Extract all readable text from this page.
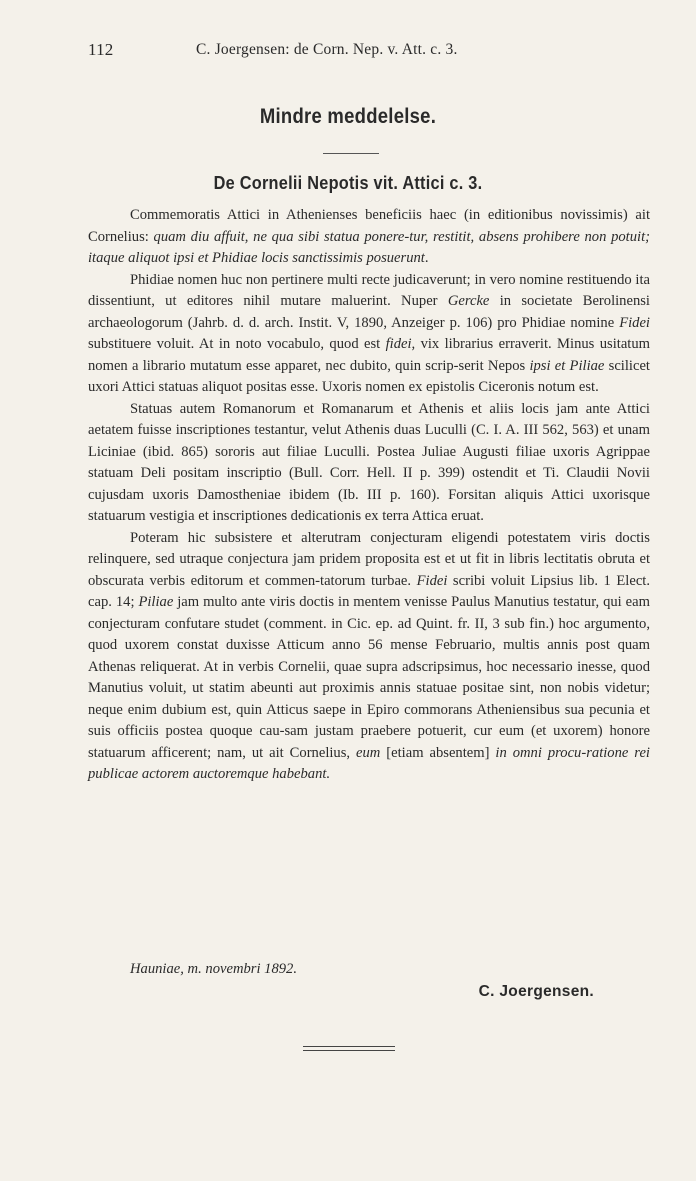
112	C. Joergensen: de Corn. Nep. v. Att. c. 3.
Mindre meddelelse.
De Cornelii Nepotis vit. Attici c. 3.

Commemoratis Attici in Athenienses beneficiis haec (in editionibus novissimis) ait Cornelius: quam diu affuit, ne qua sibi statua ponere-tur, restitit, absens prohibere non potuit; itaque aliquot ipsi et Phidiae locis sanctissimis posuerunt.

Phidiae nomen huc non pertinere multi recte judicaverunt; in vero nomine restituendo ita dissentiunt, ut editores nihil mutare maluerint. Nuper Gercke in societate Berolinensi archaeologorum (Jahrb. d. d. arch. Instit. V, 1890, Anzeiger p. 106) pro Phidiae nomine Fidei substituere voluit. At in noto vocabulo, quod est fidei, vix librarius erraverit. Minus usitatum nomen a librario mutatum esse apparet, nec dubito, quin scrip-serit Nepos ipsi et Piliae scilicet uxori Attici statuas aliquot positas esse. Uxoris nomen ex epistolis Ciceronis notum est.

Statuas autem Romanorum et Romanarum et Athenis et aliis locis jam ante Attici aetatem fuisse inscriptiones testantur, velut Athenis duas Luculli (C. I. A. III 562, 563) et unam Liciniae (ibid. 865) sororis aut filiae Luculli. Postea Juliae Augusti filiae uxoris Agrippae statuam Deli positam inscriptio (Bull. Corr. Hell. II p. 399) ostendit et Ti. Claudii Novii cujusdam uxoris Damostheniae ibidem (Ib. III p. 160). Forsitan aliquis Attici uxorisque statuarum vestigia et inscriptiones dedicationis ex terra Attica eruat.

Poteram hic subsistere et alterutram conjecturam eligendi potestatem viris doctis relinquere, sed utraque conjectura jam pridem proposita est et ut fit in libris lectitatis obruta et obscurata verbis editorum et commen-tatorum turbae. Fidei scribi voluit Lipsius lib. 1 Elect. cap. 14; Piliae jam multo ante viris doctis in mentem venisse Paulus Manutius testatur, qui eam conjecturam confutare studet (comment. in Cic. ep. ad Quint. fr. II, 3 sub fin.) hoc argumento, quod uxorem constat duxisse Atticum anno 56 mense Februario, multis annis post quam Athenas reliquerat. At in verbis Cornelii, quae supra adscripsimus, hoc necessario inesse, quod Manutius voluit, ut statim abeunti aut proximis annis statuae positae sint, non nobis videtur; neque enim dubium est, quin Atticus saepe in Epiro commorans Atheniensibus sua pecunia et suis officiis postea quoque cau-sam justam praebere potuerit, cur eum (et uxorem) honore statuarum afficerent; nam, ut ait Cornelius, eum [etiam absentem] in omni procu-ratione rei publicae actorem auctoremque habebant.

Hauniae, m. novembri 1892.
C. Joergensen.
